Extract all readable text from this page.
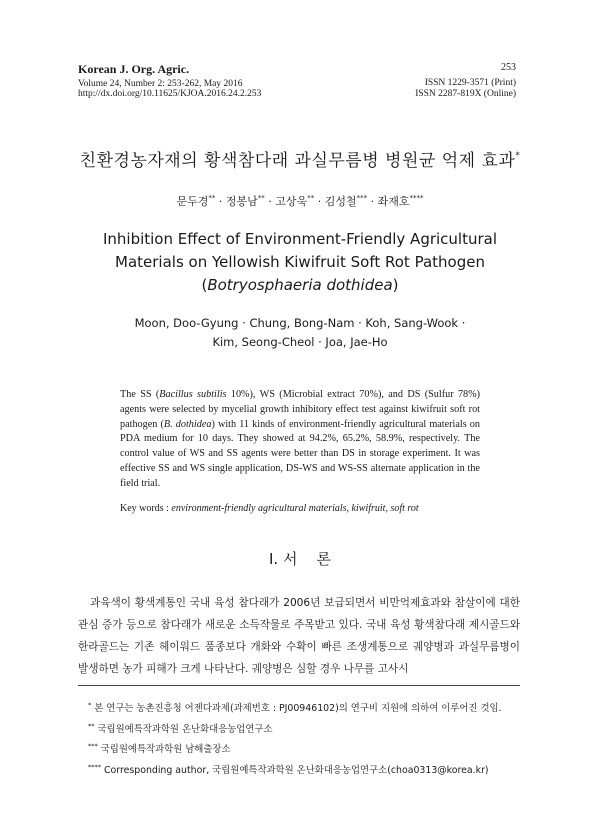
Korean J. Org. Agric.
Volume 24, Number 2: 253-262, May 2016
http://dx.doi.org/10.11625/KJOA.2016.24.2.253
253
ISSN 1229-3571 (Print)
ISSN 2287-819X (Online)
친환경농자재의 황색참다래 과실무름병 병원균 억제 효과*
문두경** · 정봉남** · 고상욱** · 김성철*** · 좌재호****
Inhibition Effect of Environment-Friendly Agricultural
Materials on Yellowish Kiwifruit Soft Rot Pathogen
(Botryosphaeria dothidea)
Moon, Doo-Gyung · Chung, Bong-Nam · Koh, Sang-Wook ·
Kim, Seong-Cheol · Joa, Jae-Ho
The SS (Bacillus subtilis 10%), WS (Microbial extract 70%), and DS (Sulfur 78%) agents were selected by mycelial growth inhibitory effect test against kiwifruit soft rot pathogen (B. dothidea) with 11 kinds of environment-friendly agricultural materials on PDA medium for 10 days. They showed at 94.2%, 65.2%, 58.9%, respectively. The control value of WS and SS agents were better than DS in storage experiment. It was effective SS and WS single application, DS-WS and WS-SS alternate application in the field trial.
Key words : environment-friendly agricultural materials, kiwifruit, soft rot
Ⅰ. 서    론
과육색이 황색계통인 국내 육성 참다래가 2006년 보급되면서 비만억제효과와 참살이에 대한 관심 증가 등으로 참다래가 새로운 소득작물로 주목받고 있다. 국내 육성 황색참다래 제시골드와 한라골드는 기존 헤이워드 품종보다 개화와 수확이 빠른 조생계통으로 궤양병과 과실무름병이 발생하면 농가 피해가 크게 나타난다. 궤양병은 심할 경우 나무를 고사시
* 본 연구는 농촌진흥청 어젠다과제(과제번호 : PJ00946102)의 연구비 지원에 의하여 이루어진 것임.
** 국립원예특작과학원 온난화대응농업연구소
*** 국립원예특작과학원 남해출장소
**** Corresponding author, 국립원예특작과학원 온난화대응농업연구소(choa0313@korea.kr)
